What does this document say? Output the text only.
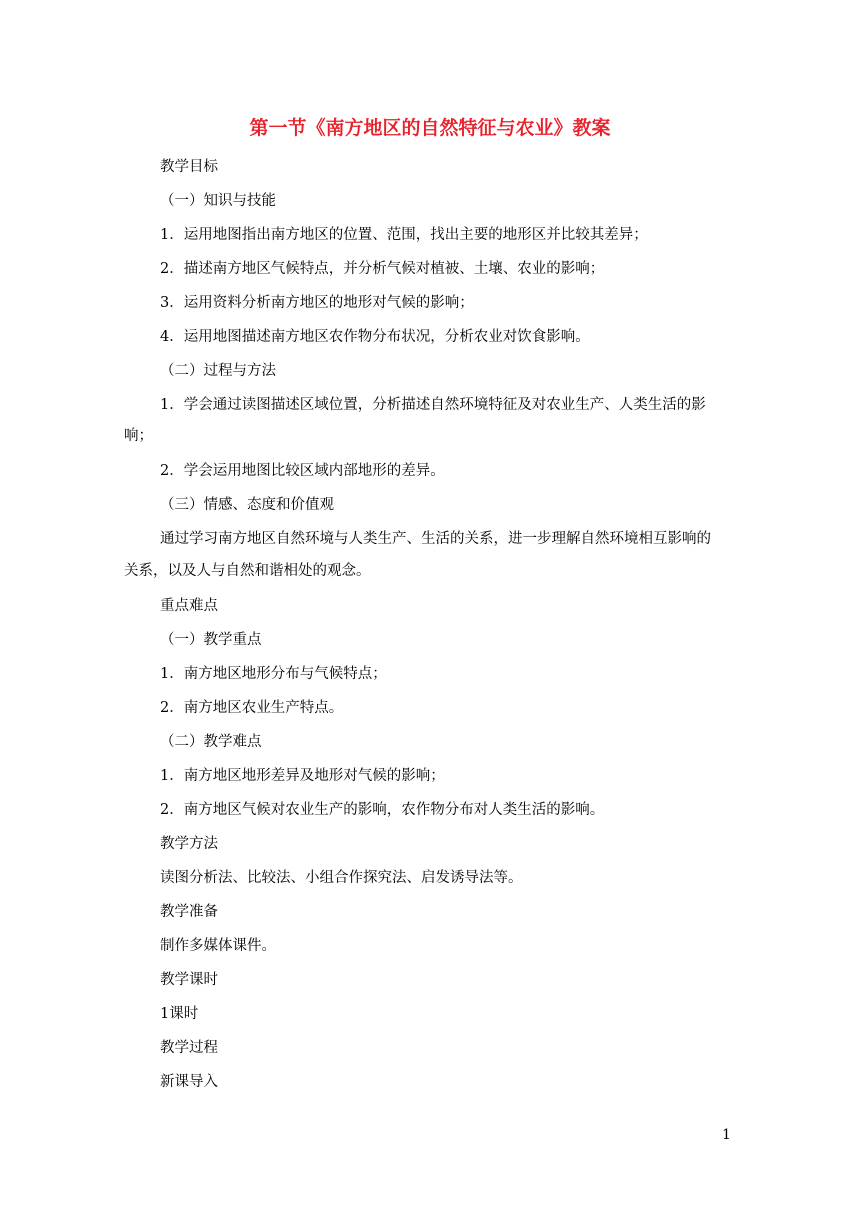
第一节《南方地区的自然特征与农业》教案
教学目标
（一）知识与技能
1．运用地图指出南方地区的位置、范围，找出主要的地形区并比较其差异；
2．描述南方地区气候特点，并分析气候对植被、土壤、农业的影响；
3．运用资料分析南方地区的地形对气候的影响；
4．运用地图描述南方地区农作物分布状况，分析农业对饮食影响。
（二）过程与方法
1．学会通过读图描述区域位置，分析描述自然环境特征及对农业生产、人类生活的影
响；
2．学会运用地图比较区域内部地形的差异。
（三）情感、态度和价值观
通过学习南方地区自然环境与人类生产、生活的关系，进一步理解自然环境相互影响的
关系，以及人与自然和谐相处的观念。
重点难点
（一）教学重点
1．南方地区地形分布与气候特点；
2．南方地区农业生产特点。
（二）教学难点
1．南方地区地形差异及地形对气候的影响；
2．南方地区气候对农业生产的影响，农作物分布对人类生活的影响。
教学方法
读图分析法、比较法、小组合作探究法、启发诱导法等。
教学准备
制作多媒体课件。
教学课时
1课时
教学过程
新课导入
1
